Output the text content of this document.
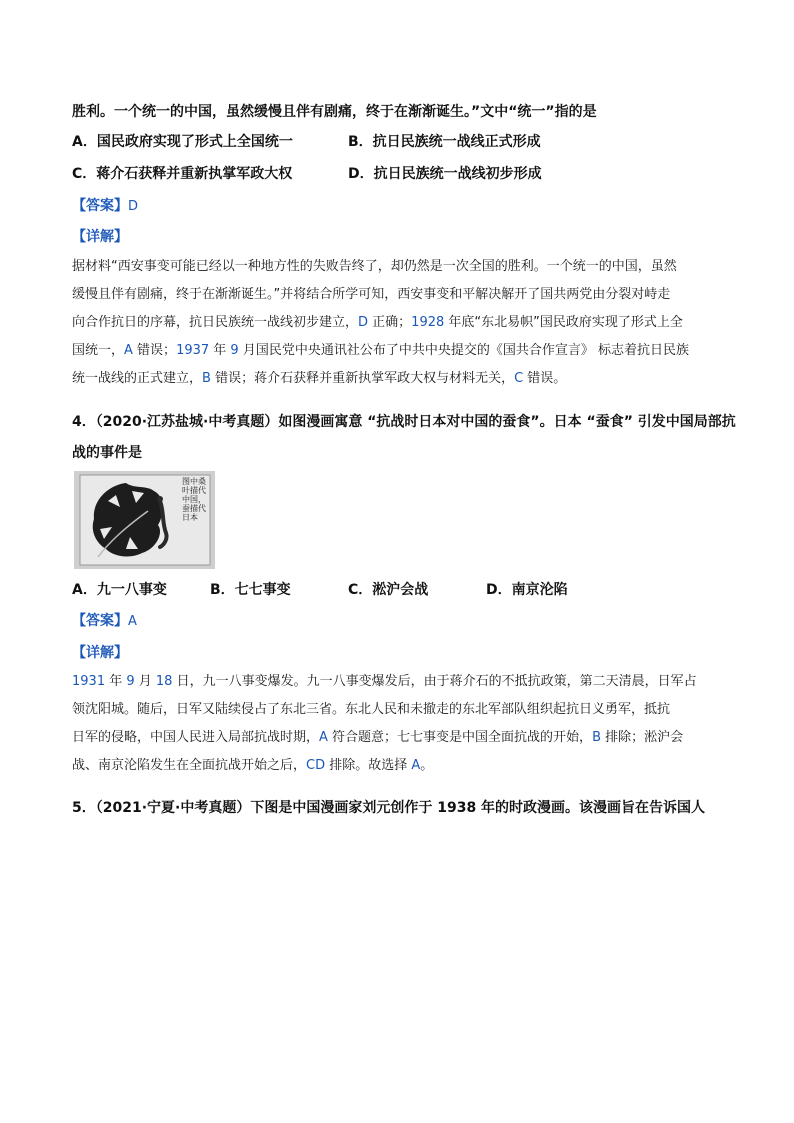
胜利。一个统一的中国，虽然缓慢且伴有剧痛，终于在渐渐诞生。”文中“统一”指的是
A．国民政府实现了形式上全国统一	B．抗日民族统一战线正式形成
C．蒋介石获释并重新执掌军政大权	D．抗日民族统一战线初步形成
【答案】D
【详解】
据材料“西安事变可能已经以一种地方性的失败告终了，却仍然是一次全国的胜利。一个统一的中国，虽然
缓慢且伴有剧痛，终于在渐渐诞生。”并将结合所学可知，西安事变和平解决解开了国共两党由分裂对峙走
向合作抗日的序幕，抗日民族统一战线初步建立，D 正确；1928 年底“东北易帜”国民政府实现了形式上全
国统一，A 错误；1937 年 9 月国民党中央通讯社公布了中共中央提交的《国共合作宣言》 标志着抗日民族
统一战线的正式建立，B 错误；蒋介石获释并重新执掌军政大权与材料无关，C 错误。
4．（2020·江苏盐城·中考真题）如图漫画寓意 “抗战时日本对中国的蚕食”。日本 “蚕食” 引发中国局部抗
战的事件是
图中桑叶描代中国，蚕描代日本
A．九一八事变	B．七七事变	C．淞沪会战	D．南京沦陷
【答案】A
【详解】
1931 年 9 月 18 日，九一八事变爆发。九一八事变爆发后，由于蒋介石的不抵抗政策，第二天清晨，日军占
领沈阳城。随后，日军又陆续侵占了东北三省。东北人民和未撤走的东北军部队组织起抗日义勇军，抵抗
日军的侵略，中国人民进入局部抗战时期，A 符合题意；七七事变是中国全面抗战的开始，B 排除；淞沪会
战、南京沦陷发生在全面抗战开始之后，CD 排除。故选择 A。
5．（2021·宁夏·中考真题）下图是中国漫画家刘元创作于 1938 年的时政漫画。该漫画旨在告诉国人
